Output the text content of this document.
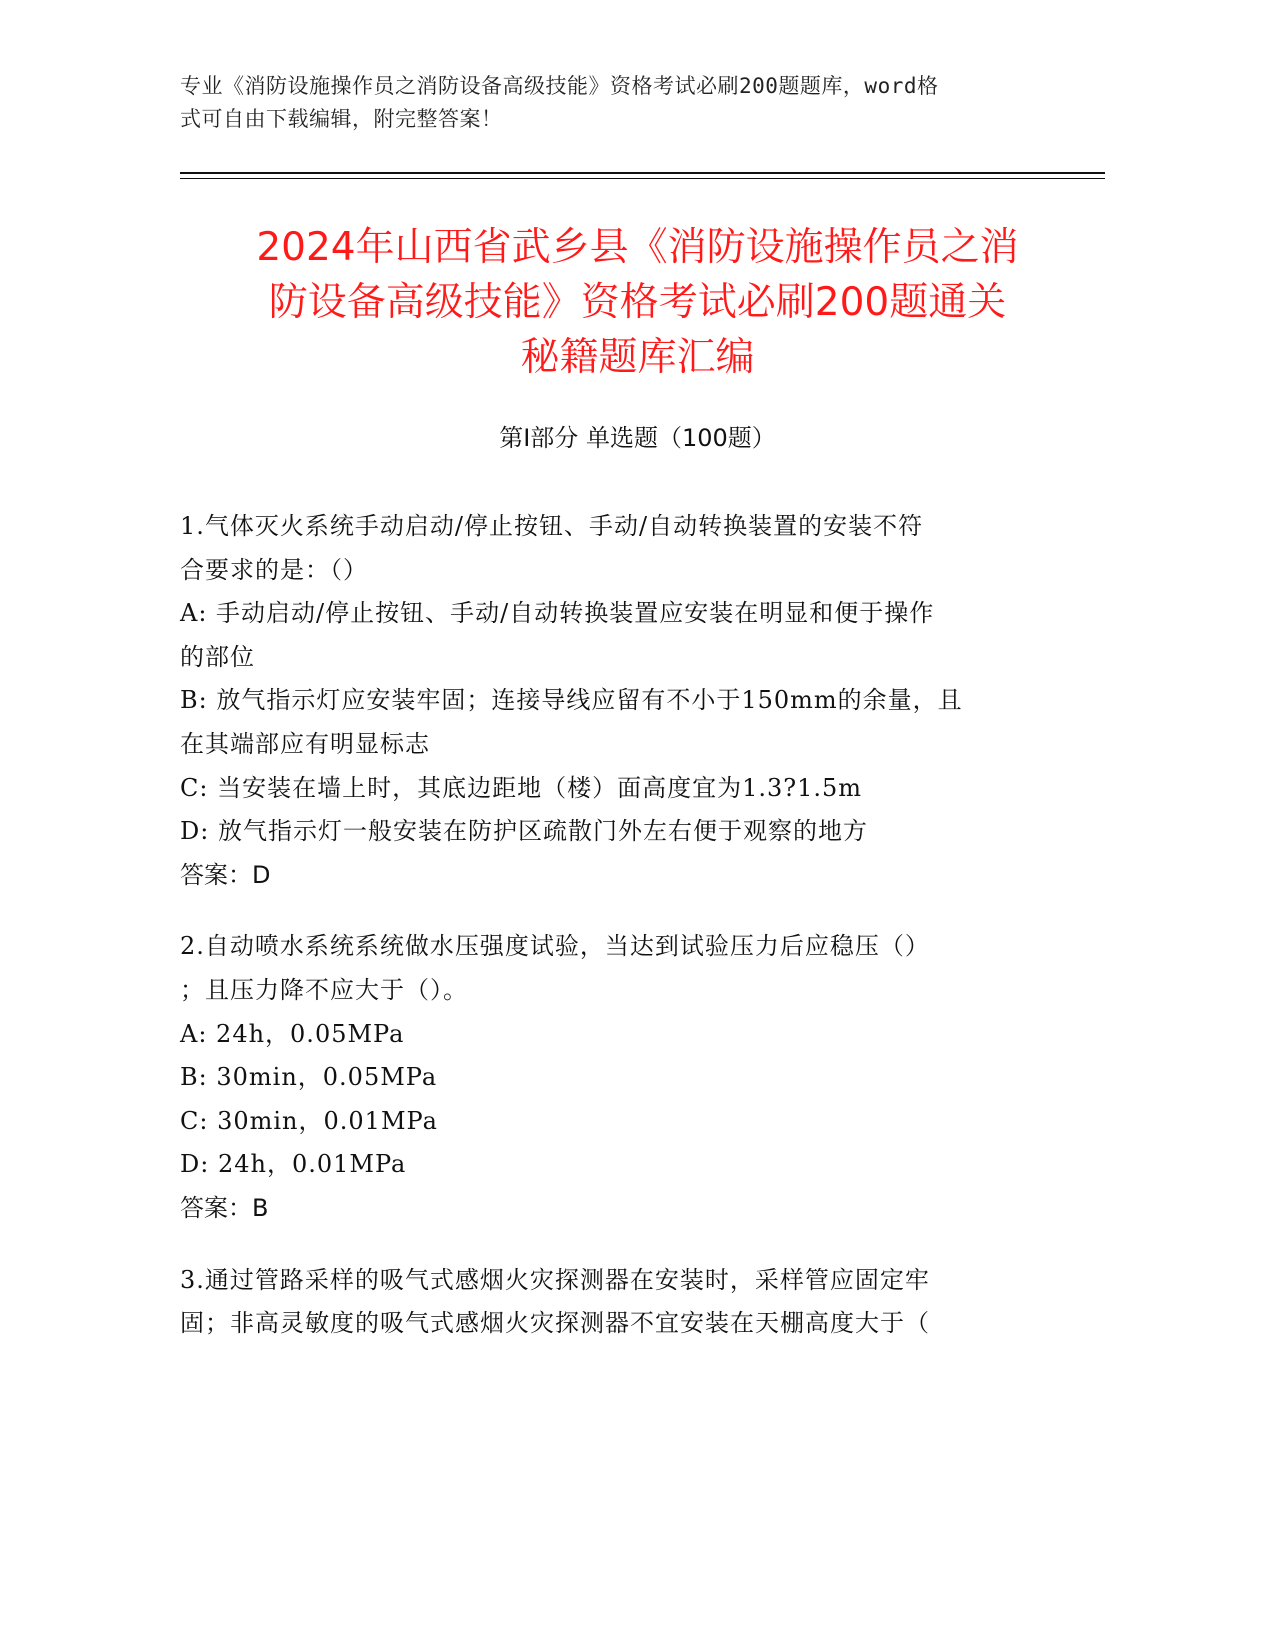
专业《消防设施操作员之消防设备高级技能》资格考试必刷200题题库，word格
式可自由下载编辑，附完整答案！
2024年山西省武乡县《消防设施操作员之消
防设备高级技能》资格考试必刷200题通关
秘籍题库汇编
第Ⅰ部分 单选题（100题）
1.气体灭火系统手动启动/停止按钮、手动/自动转换装置的安装不符
合要求的是：（）
A: 手动启动/停止按钮、手动/自动转换装置应安装在明显和便于操作
的部位
B: 放气指示灯应安装牢固；连接导线应留有不小于150mm的余量，且
在其端部应有明显标志
C: 当安装在墙上时，其底边距地（楼）面高度宜为1.3?1.5m
D: 放气指示灯一般安装在防护区疏散门外左右便于观察的地方
答案：D
2.自动喷水系统系统做水压强度试验，当达到试验压力后应稳压（）
；且压力降不应大于（）。
A: 24h，0.05MPa
B: 30min，0.05MPa
C: 30min，0.01MPa
D: 24h，0.01MPa
答案：B
3.通过管路采样的吸气式感烟火灾探测器在安装时，采样管应固定牢
固；非高灵敏度的吸气式感烟火灾探测器不宜安装在天棚高度大于（
